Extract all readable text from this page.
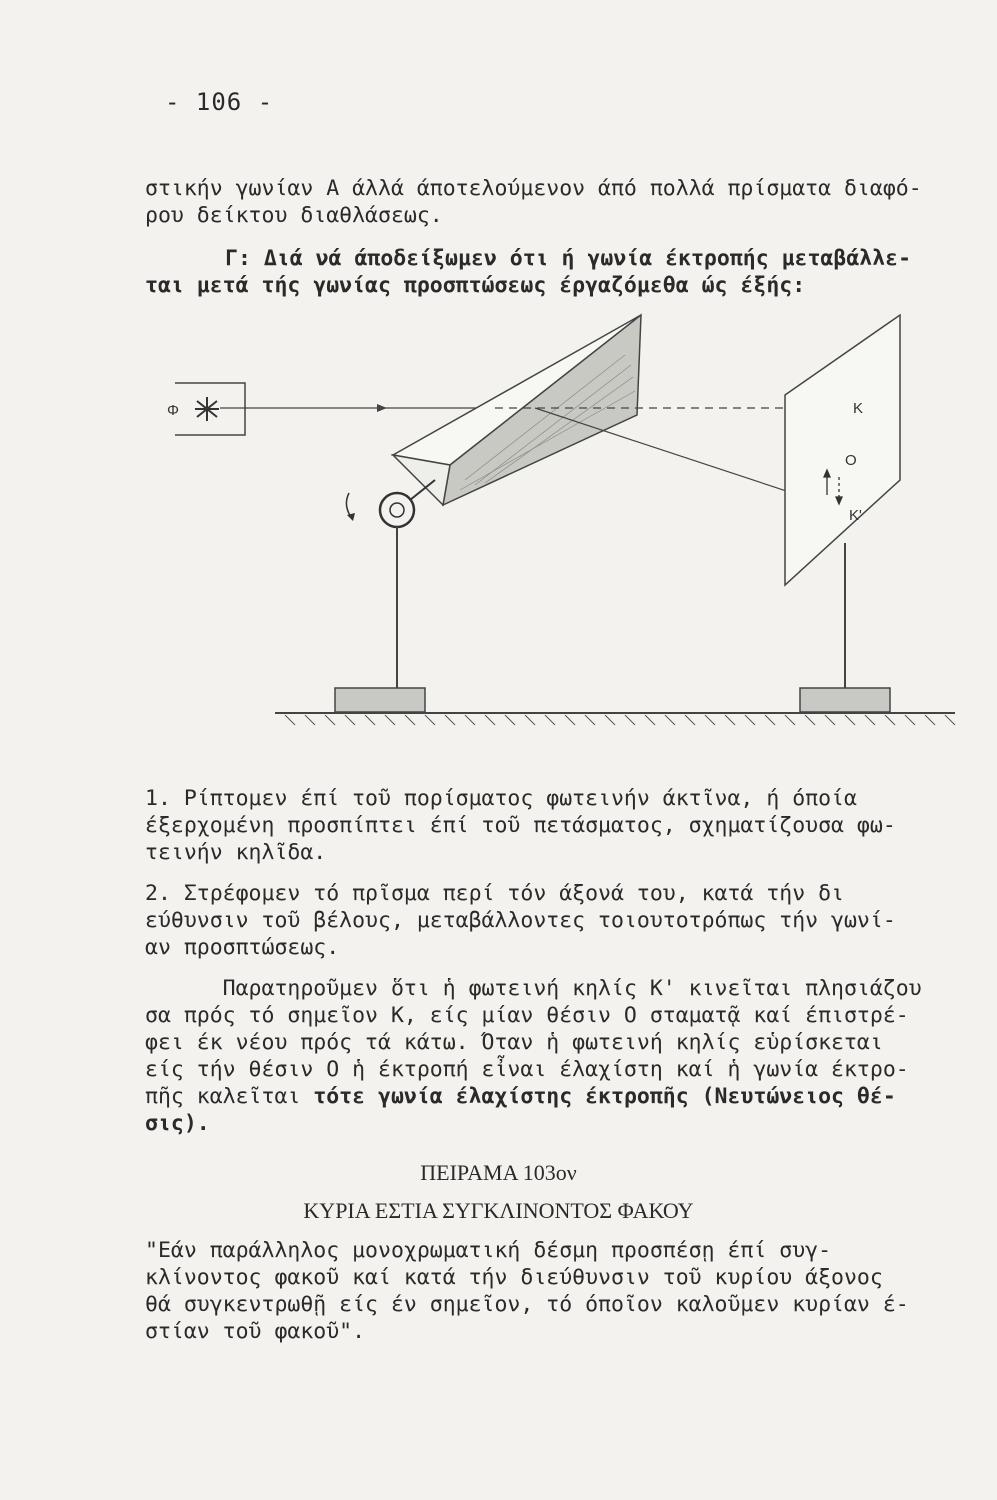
- 106 -
στικήν γωνίαν Α άλλά άποτελούμενον άπό πολλά πρίσματα διαφό-
ρου δείκτου διαθλάσεως.
Γ: Διά νά άποδείξωμεν ότι ή γωνία έκτροπής μεταβάλλε-
ται μετά τής γωνίας προσπτώσεως έργαζόμεθα ώς έξής:
Φ	Κ
Ο
Κ'
1. Ρίπτομεν έπί τοῦ πορίσματος φωτεινήν άκτῖνα, ή όποία
έξερχομένη προσπίπτει έπί τοῦ πετάσματος, σχηματίζουσα φω-
τεινήν κηλῖδα.
2. Στρέφομεν τό πρῖσμα περί τόν άξονά του, κατά τήν δι
εύθυνσιν τοῦ βέλους, μεταβάλλοντες τοιουτοτρόπως τήν γωνί-
αν προσπτώσεως.
Παρατηροῦμεν ὅτι ἡ φωτεινή κηλίς Κ' κινεῖται πλησιάζου
σα πρός τό σημεῖον Κ, είς μίαν θέσιν Ο σταματᾷ καί έπιστρέ-
φει έκ νέου πρός τά κάτω. Όταν ἡ φωτεινή κηλίς εὑρίσκεται
είς τήν θέσιν Ο ἡ έκτροπή εἶναι έλαχίστη καί ἡ γωνία έκτρο-
πῆς καλεῖται τότε γωνία έλαχίστης έκτροπῆς (Νευτώνειος θέ-
σις).
ΠΕΙΡΑΜΑ 103ον
ΚΥΡΙΑ ΕΣΤΙΑ ΣΥΓΚΛΙΝΟΝΤΟΣ ΦΑΚΟΥ
"Εάν παράλληλος μονοχρωματική δέσμη προσπέσῃ έπί συγ-
κλίνοντος φακοῦ καί κατά τήν διεύθυνσιν τοῦ κυρίου άξονος
θά συγκεντρωθῇ είς έν σημεῖον, τό όποῖον καλοῦμεν κυρίαν έ-
στίαν τοῦ φακοῦ".
